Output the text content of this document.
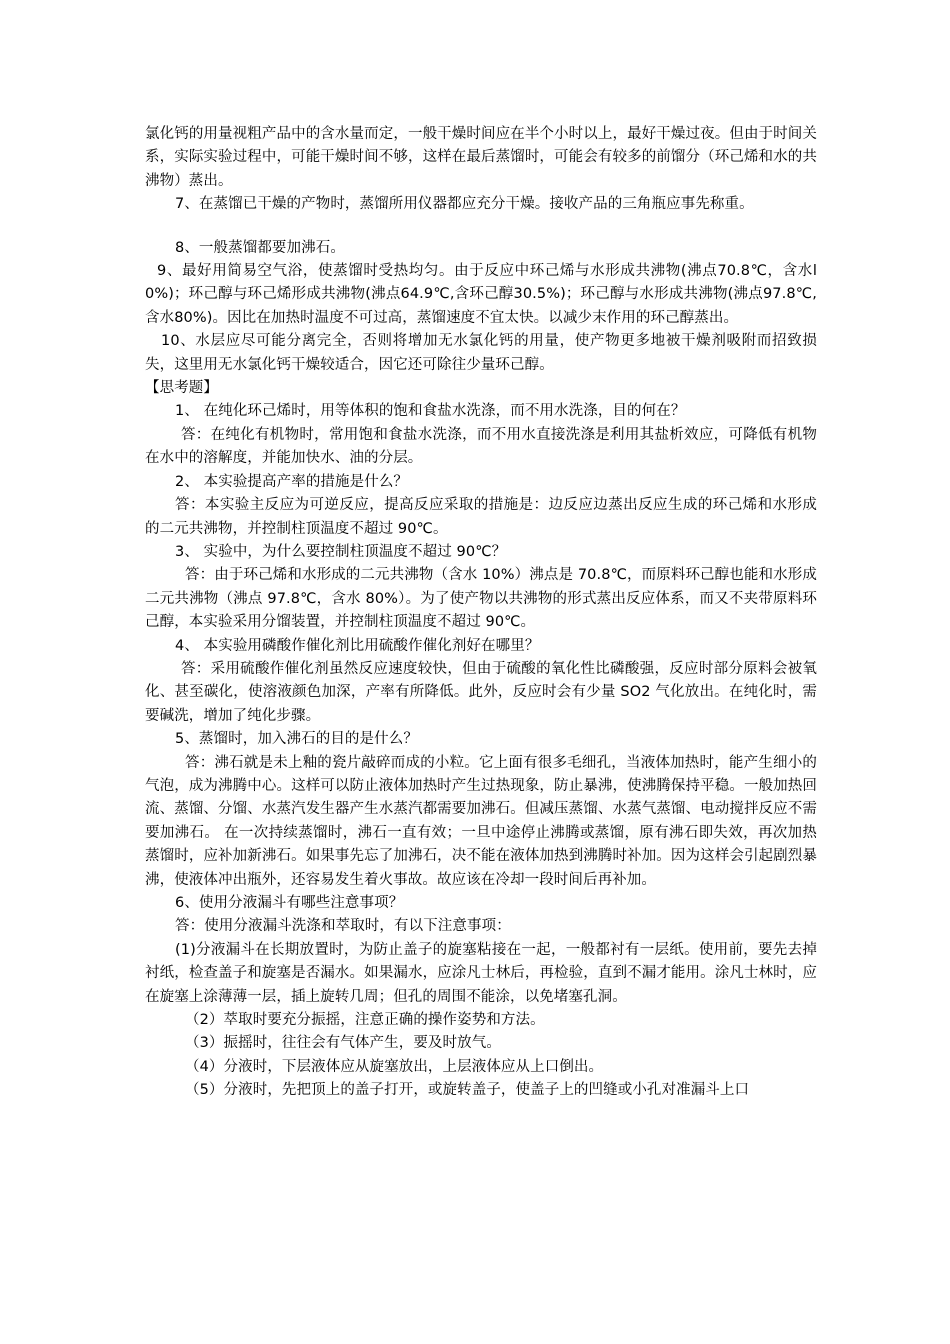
氯化钙的用量视粗产品中的含水量而定，一般干燥时间应在半个小时以上，最好干燥过夜。但由于时间关系，实际实验过程中，可能干燥时间不够，这样在最后蒸馏时，可能会有较多的前馏分（环己烯和水的共沸物）蒸出。

7、在蒸馏已干燥的产物时，蒸馏所用仪器都应充分干燥。接收产品的三角瓶应事先称重。

8、一般蒸馏都要加沸石。

9、最好用简易空气浴，使蒸馏时受热均匀。由于反应中环己烯与水形成共沸物(沸点70.8℃，含水l0%)；环己醇与环己烯形成共沸物(沸点64.9℃,含环己醇30.5%)；环己醇与水形成共沸物(沸点97.8℃,含水80%)。因比在加热时温度不可过高，蒸馏速度不宜太快。以减少末作用的环己醇蒸出。

10、水层应尽可能分离完全，否则将增加无水氯化钙的用量，使产物更多地被干燥剂吸附而招致损失，这里用无水氯化钙干燥较适合，因它还可除往少量环己醇。

【思考题】

1、 在纯化环己烯时，用等体积的饱和食盐水洗涤，而不用水洗涤，目的何在？

答：在纯化有机物时，常用饱和食盐水洗涤，而不用水直接洗涤是利用其盐析效应，可降低有机物在水中的溶解度，并能加快水、油的分层。

2、 本实验提高产率的措施是什么？

答：本实验主反应为可逆反应，提高反应采取的措施是：边反应边蒸出反应生成的环己烯和水形成的二元共沸物，并控制柱顶温度不超过 90℃。

3、 实验中，为什么要控制柱顶温度不超过 90℃？

答：由于环己烯和水形成的二元共沸物（含水 10%）沸点是 70.8℃，而原料环己醇也能和水形成二元共沸物（沸点 97.8℃，含水 80%）。为了使产物以共沸物的形式蒸出反应体系，而又不夹带原料环己醇，本实验采用分馏装置，并控制柱顶温度不超过 90℃。

4、 本实验用磷酸作催化剂比用硫酸作催化剂好在哪里？

答：采用硫酸作催化剂虽然反应速度较快，但由于硫酸的氧化性比磷酸强，反应时部分原料会被氧化、甚至碳化，使溶液颜色加深，产率有所降低。此外，反应时会有少量 SO2 气化放出。在纯化时，需要碱洗，增加了纯化步骤。

5、蒸馏时，加入沸石的目的是什么？

答：沸石就是未上釉的瓷片敲碎而成的小粒。它上面有很多毛细孔，当液体加热时，能产生细小的气泡，成为沸腾中心。这样可以防止液体加热时产生过热现象，防止暴沸，使沸腾保持平稳。一般加热回流、蒸馏、分馏、水蒸汽发生器产生水蒸汽都需要加沸石。但减压蒸馏、水蒸气蒸馏、电动搅拌反应不需要加沸石。 在一次持续蒸馏时，沸石一直有效；一旦中途停止沸腾或蒸馏，原有沸石即失效，再次加热蒸馏时，应补加新沸石。如果事先忘了加沸石，决不能在液体加热到沸腾时补加。因为这样会引起剧烈暴沸，使液体冲出瓶外，还容易发生着火事故。故应该在冷却一段时间后再补加。

6、使用分液漏斗有哪些注意事项？

答：使用分液漏斗洗涤和萃取时，有以下注意事项：

(1)分液漏斗在长期放置时，为防止盖子的旋塞粘接在一起，一般都衬有一层纸。使用前，要先去掉衬纸，检查盖子和旋塞是否漏水。如果漏水，应涂凡士林后，再检验，直到不漏才能用。涂凡士林时，应在旋塞上涂薄薄一层，插上旋转几周；但孔的周围不能涂，以免堵塞孔洞。

（2）萃取时要充分振摇，注意正确的操作姿势和方法。

（3）振摇时，往往会有气体产生，要及时放气。

（4）分液时，下层液体应从旋塞放出，上层液体应从上口倒出。

（5）分液时，先把顶上的盖子打开，或旋转盖子，使盖子上的凹缝或小孔对准漏斗上口
